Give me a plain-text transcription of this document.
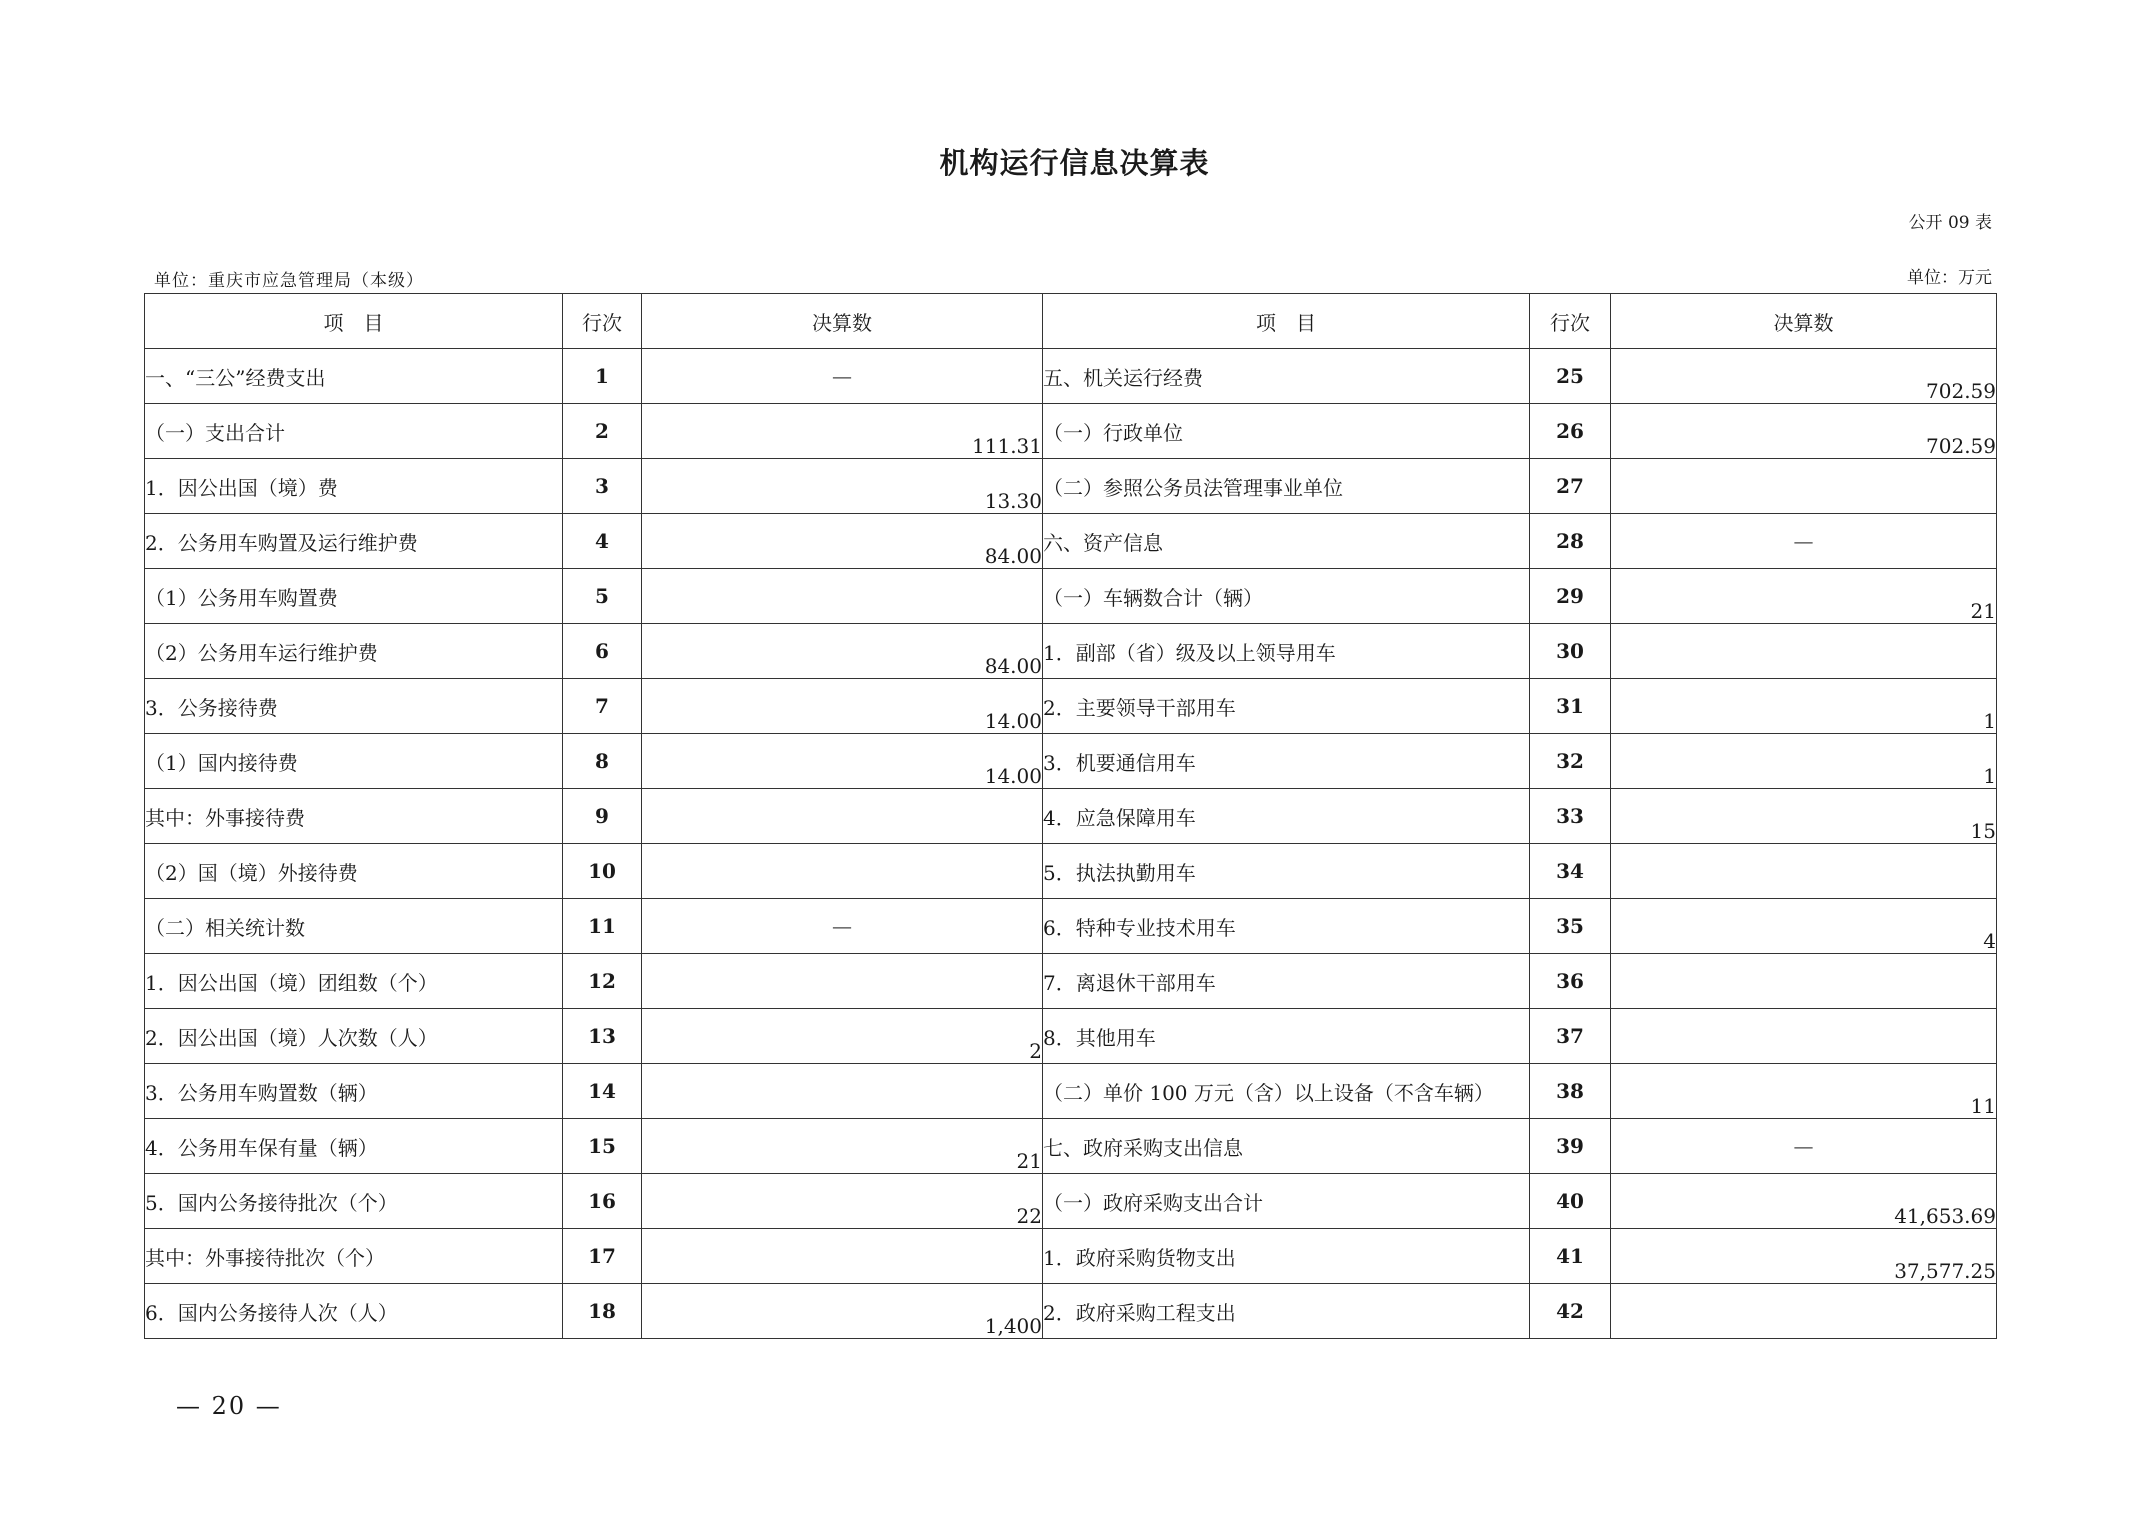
机构运行信息决算表
公开 09 表
单位：重庆市应急管理局（本级）	单位：万元
项　目	行次	决算数	项　目	行次	决算数
一、“三公”经费支出	1	—	五、机关运行经费	25	702.59
（一）支出合计	2	111.31	（一）行政单位	26	702.59
1．因公出国（境）费	3	13.30	（二）参照公务员法管理事业单位	27	
2．公务用车购置及运行维护费	4	84.00	六、资产信息	28	—
（1）公务用车购置费	5		（一）车辆数合计（辆）	29	21
（2）公务用车运行维护费	6	84.00	1．副部（省）级及以上领导用车	30	
3．公务接待费	7	14.00	2．主要领导干部用车	31	1
（1）国内接待费	8	14.00	3．机要通信用车	32	1
其中：外事接待费	9		4．应急保障用车	33	15
（2）国（境）外接待费	10		5．执法执勤用车	34	
（二）相关统计数	11	—	6．特种专业技术用车	35	4
1．因公出国（境）团组数（个）	12		7．离退休干部用车	36	
2．因公出国（境）人次数（人）	13	2	8．其他用车	37	
3．公务用车购置数（辆）	14		（二）单价 100 万元（含）以上设备（不含车辆）	38	11
4．公务用车保有量（辆）	15	21	七、政府采购支出信息	39	—
5．国内公务接待批次（个）	16	22	（一）政府采购支出合计	40	41,653.69
其中：外事接待批次（个）	17		1．政府采购货物支出	41	37,577.25
6．国内公务接待人次（人）	18	1,400	2．政府采购工程支出	42	
— 20 —
